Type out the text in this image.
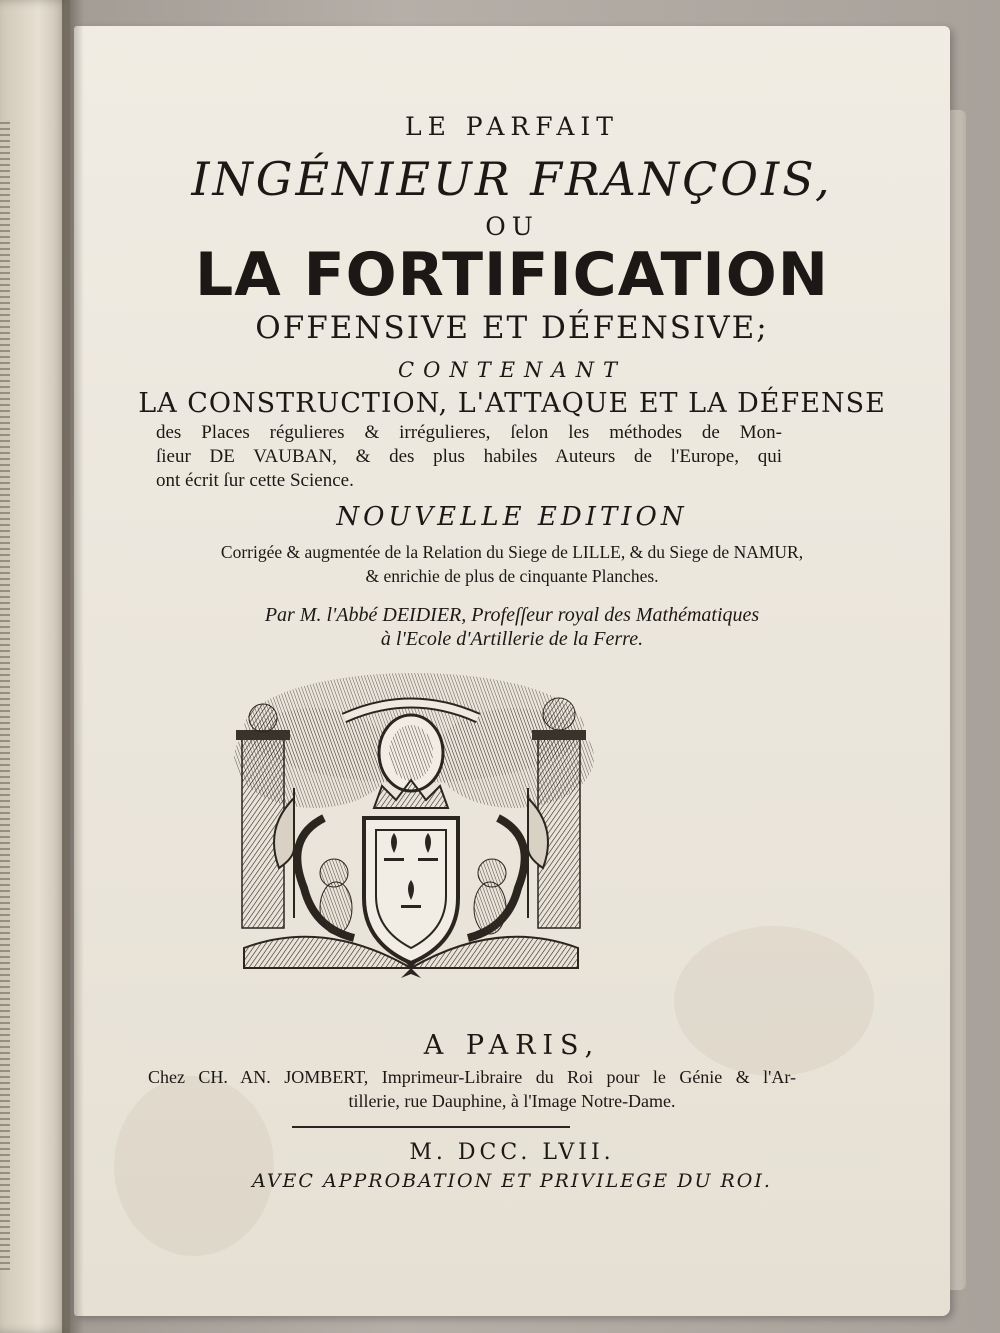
LE PARFAIT
INGÉNIEUR FRANÇOIS,
OU
LA FORTIFICATION
OFFENSIVE ET DÉFENSIVE;
CONTENANT
LA CONSTRUCTION, L'ATTAQUE ET LA DÉFENSE
des Places régulieres & irrégulieres, ſelon les méthodes de Mon-
ſieur DE VAUBAN, & des plus habiles Auteurs de l'Europe, qui
ont écrit ſur cette Science.
NOUVELLE EDITION
Corrigée & augmentée de la Relation du Siege de LILLE, & du Siege de NAMUR,
& enrichie de plus de cinquante Planches.
Par M. l'Abbé DEIDIER, Profeſſeur royal des Mathématiques
à l'Ecole d'Artillerie de la Ferre.
A PARIS,
Chez CH. AN. JOMBERT, Imprimeur-Libraire du Roi pour le Génie & l'Ar-
tillerie, rue Dauphine, à l'Image Notre-Dame.
M. DCC. LVII.
AVEC APPROBATION ET PRIVILEGE DU ROI.
